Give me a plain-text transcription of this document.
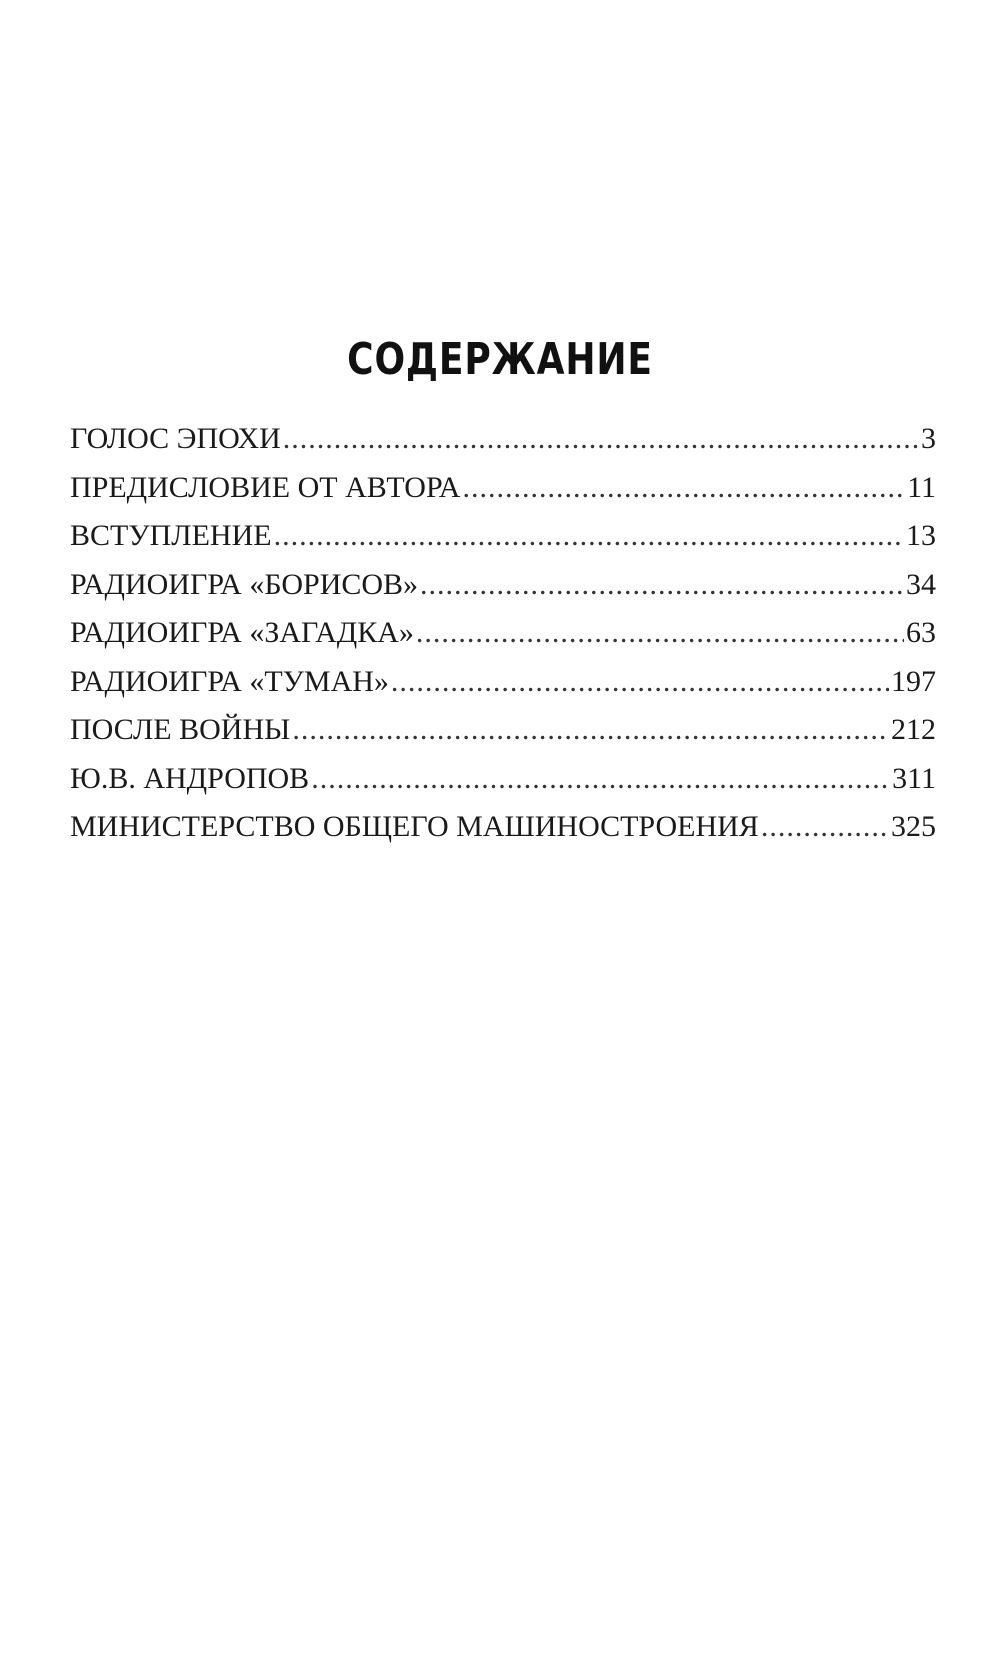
СОДЕРЖАНИЕ
ГОЛОС ЭПОХИ .....	3
ПРЕДИСЛОВИЕ ОТ АВТОРА .....	11
ВСТУПЛЕНИЕ .....	13
РАДИОИГРА «БОРИСОВ» .....	34
РАДИОИГРА «ЗАГАДКА» .....	63
РАДИОИГРА «ТУМАН» .....	197
ПОСЛЕ ВОЙНЫ .....	212
Ю.В. АНДРОПОВ .....	311
МИНИСТЕРСТВО ОБЩЕГО МАШИНОСТРОЕНИЯ .....	325
